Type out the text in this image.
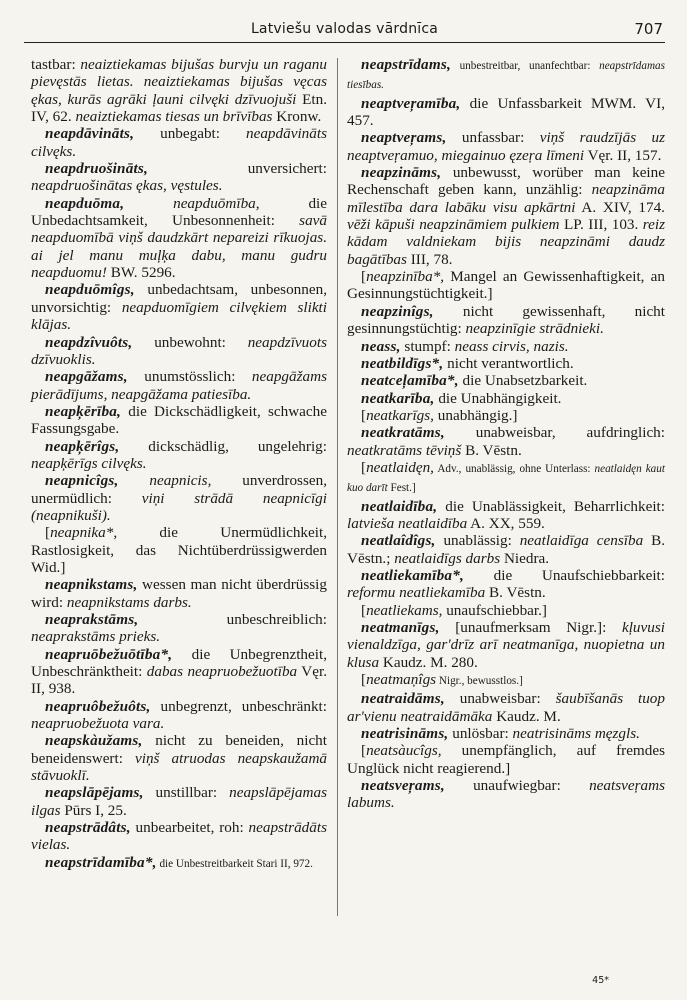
Latviešu valodas vārdnīca	707

tastbar: neaiztiekamas bijušas burvju un raganu pievęstās lietas. neaiztiekamas bijušas vęcas ękas, kurās agrāki ļauni cilvęki dzīvuojuši Etn. IV, 62. neaiztiekamas tiesas un brīvības Kronw.

neapdāvināts, unbegabt: neapdāvināts cilvęks.

neapdruošināts, unversichert: neapdruošinātas ękas, vęstules.

neapduōma,	neapduōmība, die Unbedachtsamkeit, Unbesonnenheit: savā neapduomībā viņš daudzkārt nepareizi rīkuojas. ai jel manu muļķa dabu, manu gudru neapduomu! BW. 5296.

neapduōmîgs, unbedachtsam, unbesonnen, unvorsichtig: neapduomīgiem cilvękiem slikti klājas.

neapdzîvuôts, unbewohnt: neapdzīvuots dzīvuoklis.

neapgāžams, unumstösslich: neapgāžams pierādījums, neapgāžama patiesība.

neapķērība, die Dickschädligkeit, schwache Fassungsgabe.

neapķērîgs, dickschädlig, ungelehrig: neapķērīgs cilvęks.

neapnicîgs, neapnicis, unverdrossen, unermüdlich: viņi strādā neapnicīgi (neapnikuši).

[neapnika*, die Unermüdlichkeit, Rastlosigkeit, das Nichtüberdrüssigwerden Wid.]

neapnikstams, wessen man nicht überdrüssig wird: neapnikstams darbs.

neaprakstāms, unbeschreiblich: neaprakstāms prieks.

neapruōbežuōtība*, die Unbegrenztheit, Unbeschränktheit: dabas neapruobežuotība Vęr. II, 938.

neapruôbežuôts, unbegrenzt, unbeschränkt: neapruobežuota vara.

neapskàužams, nicht zu beneiden, nicht beneidenswert: viņš atruodas neapskaužamā stāvuoklī.

neapslāpējams, unstillbar: neapslāpējamas ilgas Pūrs I, 25.

neapstrādâts, unbearbeitet, roh: neapstrādāts vielas.

neapstrīdamība*, die Unbestreitbarkeit Stari II, 972.

neapstrīdams, unbestreitbar, unanfechtbar: neapstrīdamas tiesības.

neaptveŗamība, die Unfassbarkeit MWM. VI, 457.

neaptveŗams, unfassbar: viņš raudzījās uz neaptveŗamuo, miegainuo ęzeŗa līmeni Vęr. II, 157.

neapzināms, unbewusst, worüber man keine Rechenschaft geben kann, unzählig: neapzināma mīlestība dara labāku visu apkārtni A. XIV, 174. vēži kāpuši neapzināmiem pulkiem LP. III, 103. reiz kādam valdniekam bijis neapzināmi daudz bagātības III, 78.

[neapzinība*, Mangel an Gewissenhaftigkeit, an Gesinnungstüchtigkeit.]

neapzinîgs, nicht gewissenhaft, nicht gesinnungstüchtig: neapzinīgie strādnieki.

neass, stumpf: neass cirvis, nazis.

neatbildīgs*, nicht verantwortlich.

neatceļamība*, die Unabsetzbarkeit.

neatkarība, die Unabhängigkeit.

[neatkarīgs, unabhängig.]

neatkratāms, unabweisbar, aufdringlich: neatkratāms tēviņš B. Vēstn.

[neatlaidęn, Adv., unablässig, ohne Unterlass: neatlaidęn kaut kuo darīt Fest.]

neatlaidība, die Unablässigkeit, Beharrlichkeit: latvieša neatlaidība A. XX, 559.

neatlaîdîgs, unablässig: neatlaidīga censība B. Vēstn.; neatlaidīgs darbs Niedra.

neatliekamība*, die Unaufschiebbarkeit: reformu neatliekamība B. Vēstn.

[neatliekams, unaufschiebbar.]

neatmanīgs, [unaufmerksam Nigr.]: kļuvusi vienaldzīga, gar'drīz arī neatmanīga, nuopietna un klusa Kaudz. M. 280.

[neatmaņîgs Nigr., bewusstlos.]

neatraidāms, unabweisbar: šaubīšanās tuop ar'vienu neatraidāmāka Kaudz. M.

neatrisināms, unlösbar: neatrisināms męzgls.

[neatsàucîgs, unempfänglich, auf fremdes Unglück nicht reagierend.]

neatsveŗams, unaufwiegbar: neatsveŗams labums.

45*
